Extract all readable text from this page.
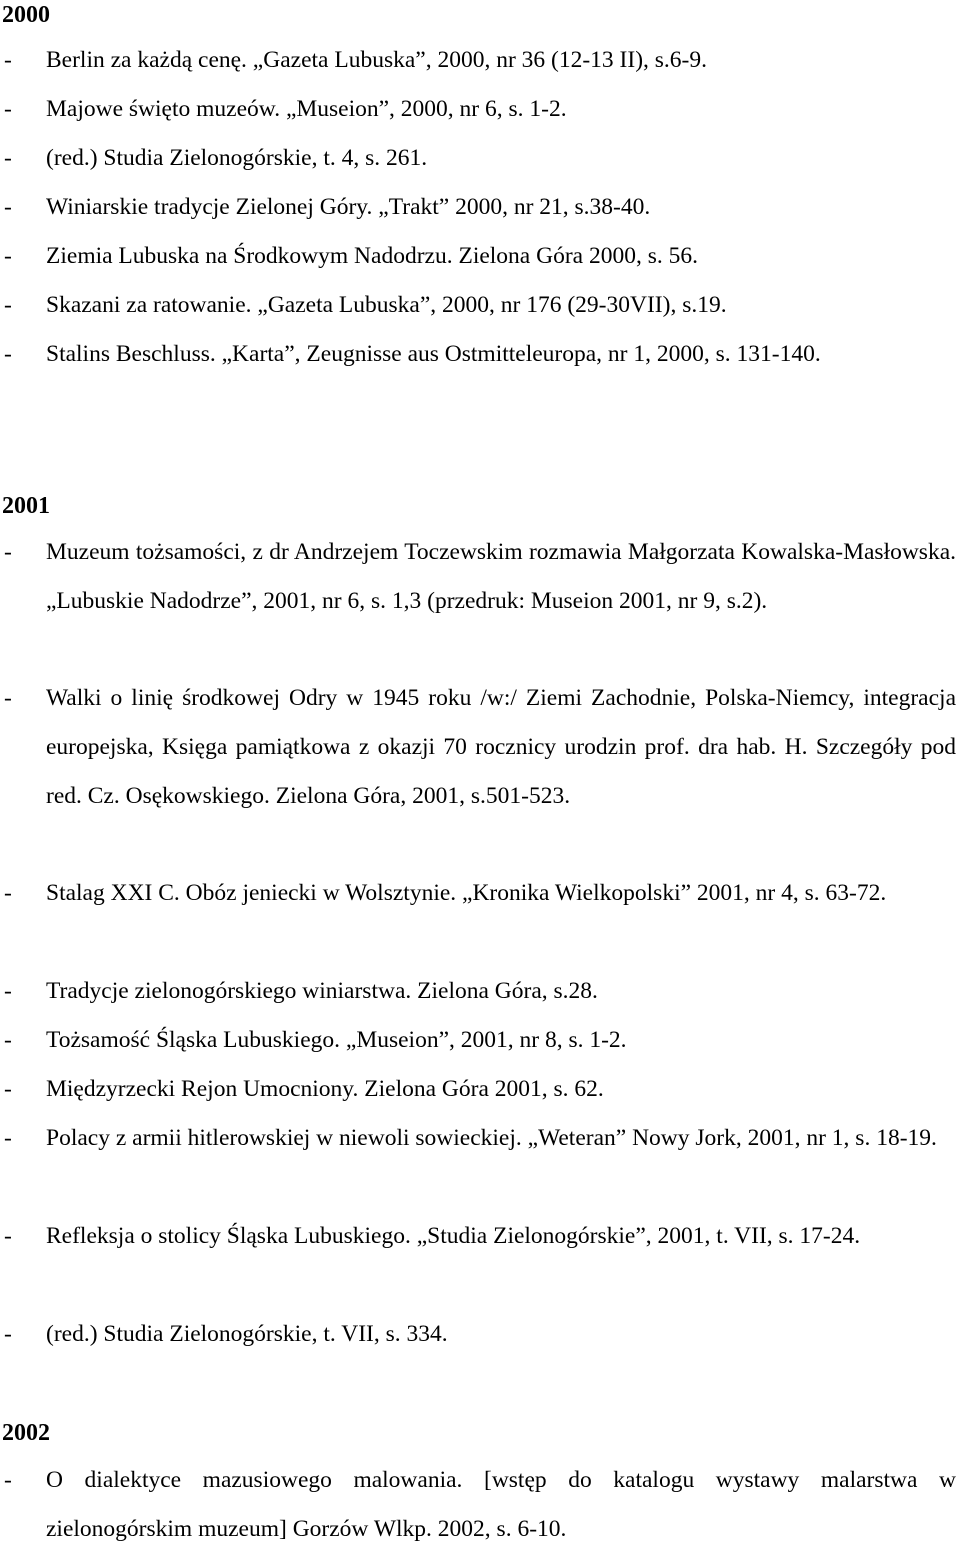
2000
- Berlin za każdą cenę. „Gazeta Lubuska”, 2000, nr 36 (12-13 II), s.6-9.
- Majowe święto muzeów. „Museion”, 2000, nr 6, s. 1-2.
- (red.) Studia Zielonogórskie, t. 4, s. 261.
- Winiarskie tradycje Zielonej Góry. „Trakt” 2000, nr 21, s.38-40.
- Ziemia Lubuska na Środkowym Nadodrzu. Zielona Góra 2000, s. 56.
- Skazani za ratowanie. „Gazeta Lubuska”, 2000, nr 176 (29-30VII), s.19.
- Stalins Beschluss. „Karta”, Zeugnisse aus Ostmitteleuropa, nr 1, 2000, s. 131-140.
2001
- Muzeum tożsamości, z dr Andrzejem Toczewskim rozmawia Małgorzata Kowalska-Masłowska. „Lubuskie Nadodrze”, 2001, nr 6, s. 1,3 (przedruk: Museion 2001, nr 9, s.2).
- Walki o linię środkowej Odry w 1945 roku /w:/ Ziemi Zachodnie, Polska-Niemcy, integracja europejska, Księga pamiątkowa z okazji 70 rocznicy urodzin prof. dra hab. H. Szczegóły pod red. Cz. Osękowskiego. Zielona Góra, 2001, s.501-523.
- Stalag XXI C. Obóz jeniecki w Wolsztynie. „Kronika Wielkopolski” 2001, nr 4, s. 63-72.
- Tradycje zielonogórskiego winiarstwa. Zielona Góra, s.28.
- Tożsamość Śląska Lubuskiego. „Museion”, 2001, nr 8, s. 1-2.
- Międzyrzecki Rejon Umocniony. Zielona Góra 2001, s. 62.
- Polacy z armii hitlerowskiej w niewoli sowieckiej. „Weteran” Nowy Jork, 2001, nr 1, s. 18-19.
- Refleksja o stolicy Śląska Lubuskiego. „Studia Zielonogórskie”, 2001, t. VII, s. 17-24.
- (red.) Studia Zielonogórskie, t. VII, s. 334.
2002
- O dialektyce mazusiowego malowania. [wstęp do katalogu wystawy malarstwa w zielonogórskim muzeum] Gorzów Wlkp. 2002, s. 6-10.
